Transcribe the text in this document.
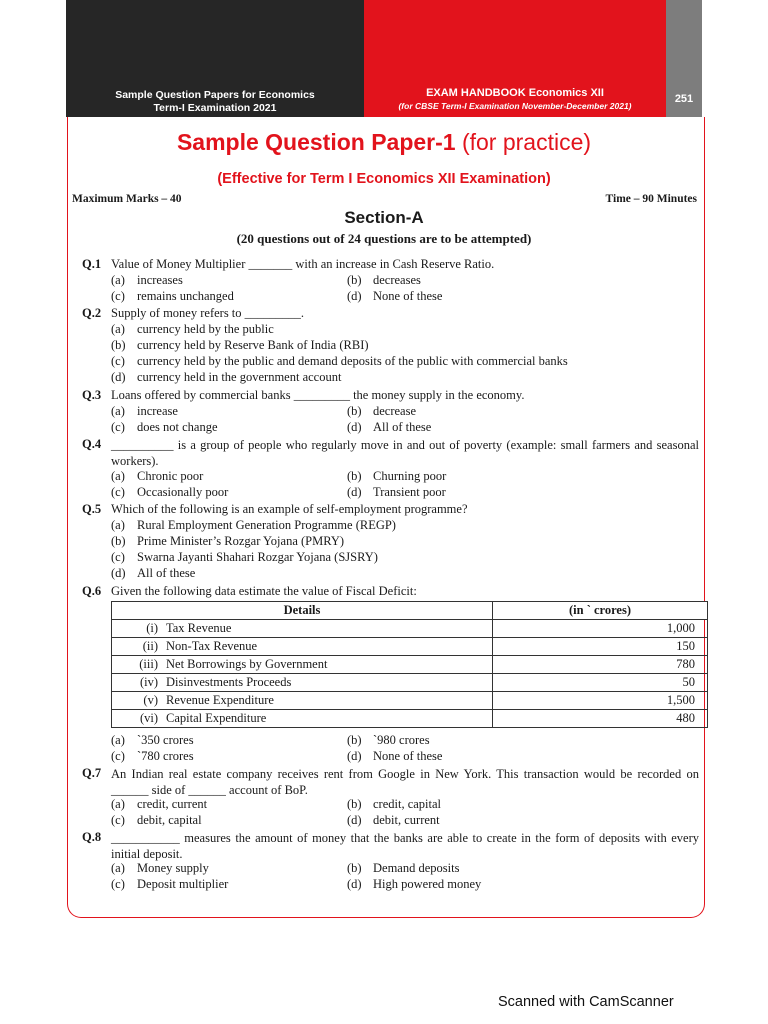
Sample Question Papers for Economics
Term-I Examination 2021
EXAM HANDBOOK Economics XII
(for CBSE Term-I Examination November-December 2021)
251
Sample Question Paper-1 (for practice)
(Effective for Term I Economics XII Examination)
Maximum Marks – 40	Time – 90 Minutes
Section-A
(20 questions out of 24 questions are to be attempted)
Q.1 Value of Money Multiplier _______ with an increase in Cash Reserve Ratio.
(a) increases	(b) decreases
(c) remains unchanged	(d) None of these
Q.2 Supply of money refers to _________.
(a) currency held by the public
(b) currency held by Reserve Bank of India (RBI)
(c) currency held by the public and demand deposits of the public with commercial banks
(d) currency held in the government account
Q.3 Loans offered by commercial banks _________ the money supply in the economy.
(a) increase	(b) decrease
(c) does not change	(d) All of these
Q.4 __________ is a group of people who regularly move in and out of poverty (example: small farmers and seasonal workers).
(a) Chronic poor	(b) Churning poor
(c) Occasionally poor	(d) Transient poor
Q.5 Which of the following is an example of self-employment programme?
(a) Rural Employment Generation Programme (REGP)
(b) Prime Minister’s Rozgar Yojana (PMRY)
(c) Swarna Jayanti Shahari Rozgar Yojana (SJSRY)
(d) All of these
Q.6 Given the following data estimate the value of Fiscal Deficit:
(a) `350 crores	(b) `980 crores
(c) `780 crores	(d) None of these
Q.7 An Indian real estate company receives rent from Google in New York. This transaction would be recorded on ______ side of ______ account of BoP.
(a) credit, current	(b) credit, capital
(c) debit, capital	(d) debit, current
Q.8 ___________ measures the amount of money that the banks are able to create in the form of deposits with every initial deposit.
(a) Money supply	(b) Demand deposits
(c) Deposit multiplier	(d) High powered money
Details	(in ` crores)
(i) Tax Revenue	1,000
(ii) Non-Tax Revenue	150
(iii) Net Borrowings by Government	780
(iv) Disinvestments Proceeds	50
(v) Revenue Expenditure	1,500
(vi) Capital Expenditure	480
Scanned with CamScanner
